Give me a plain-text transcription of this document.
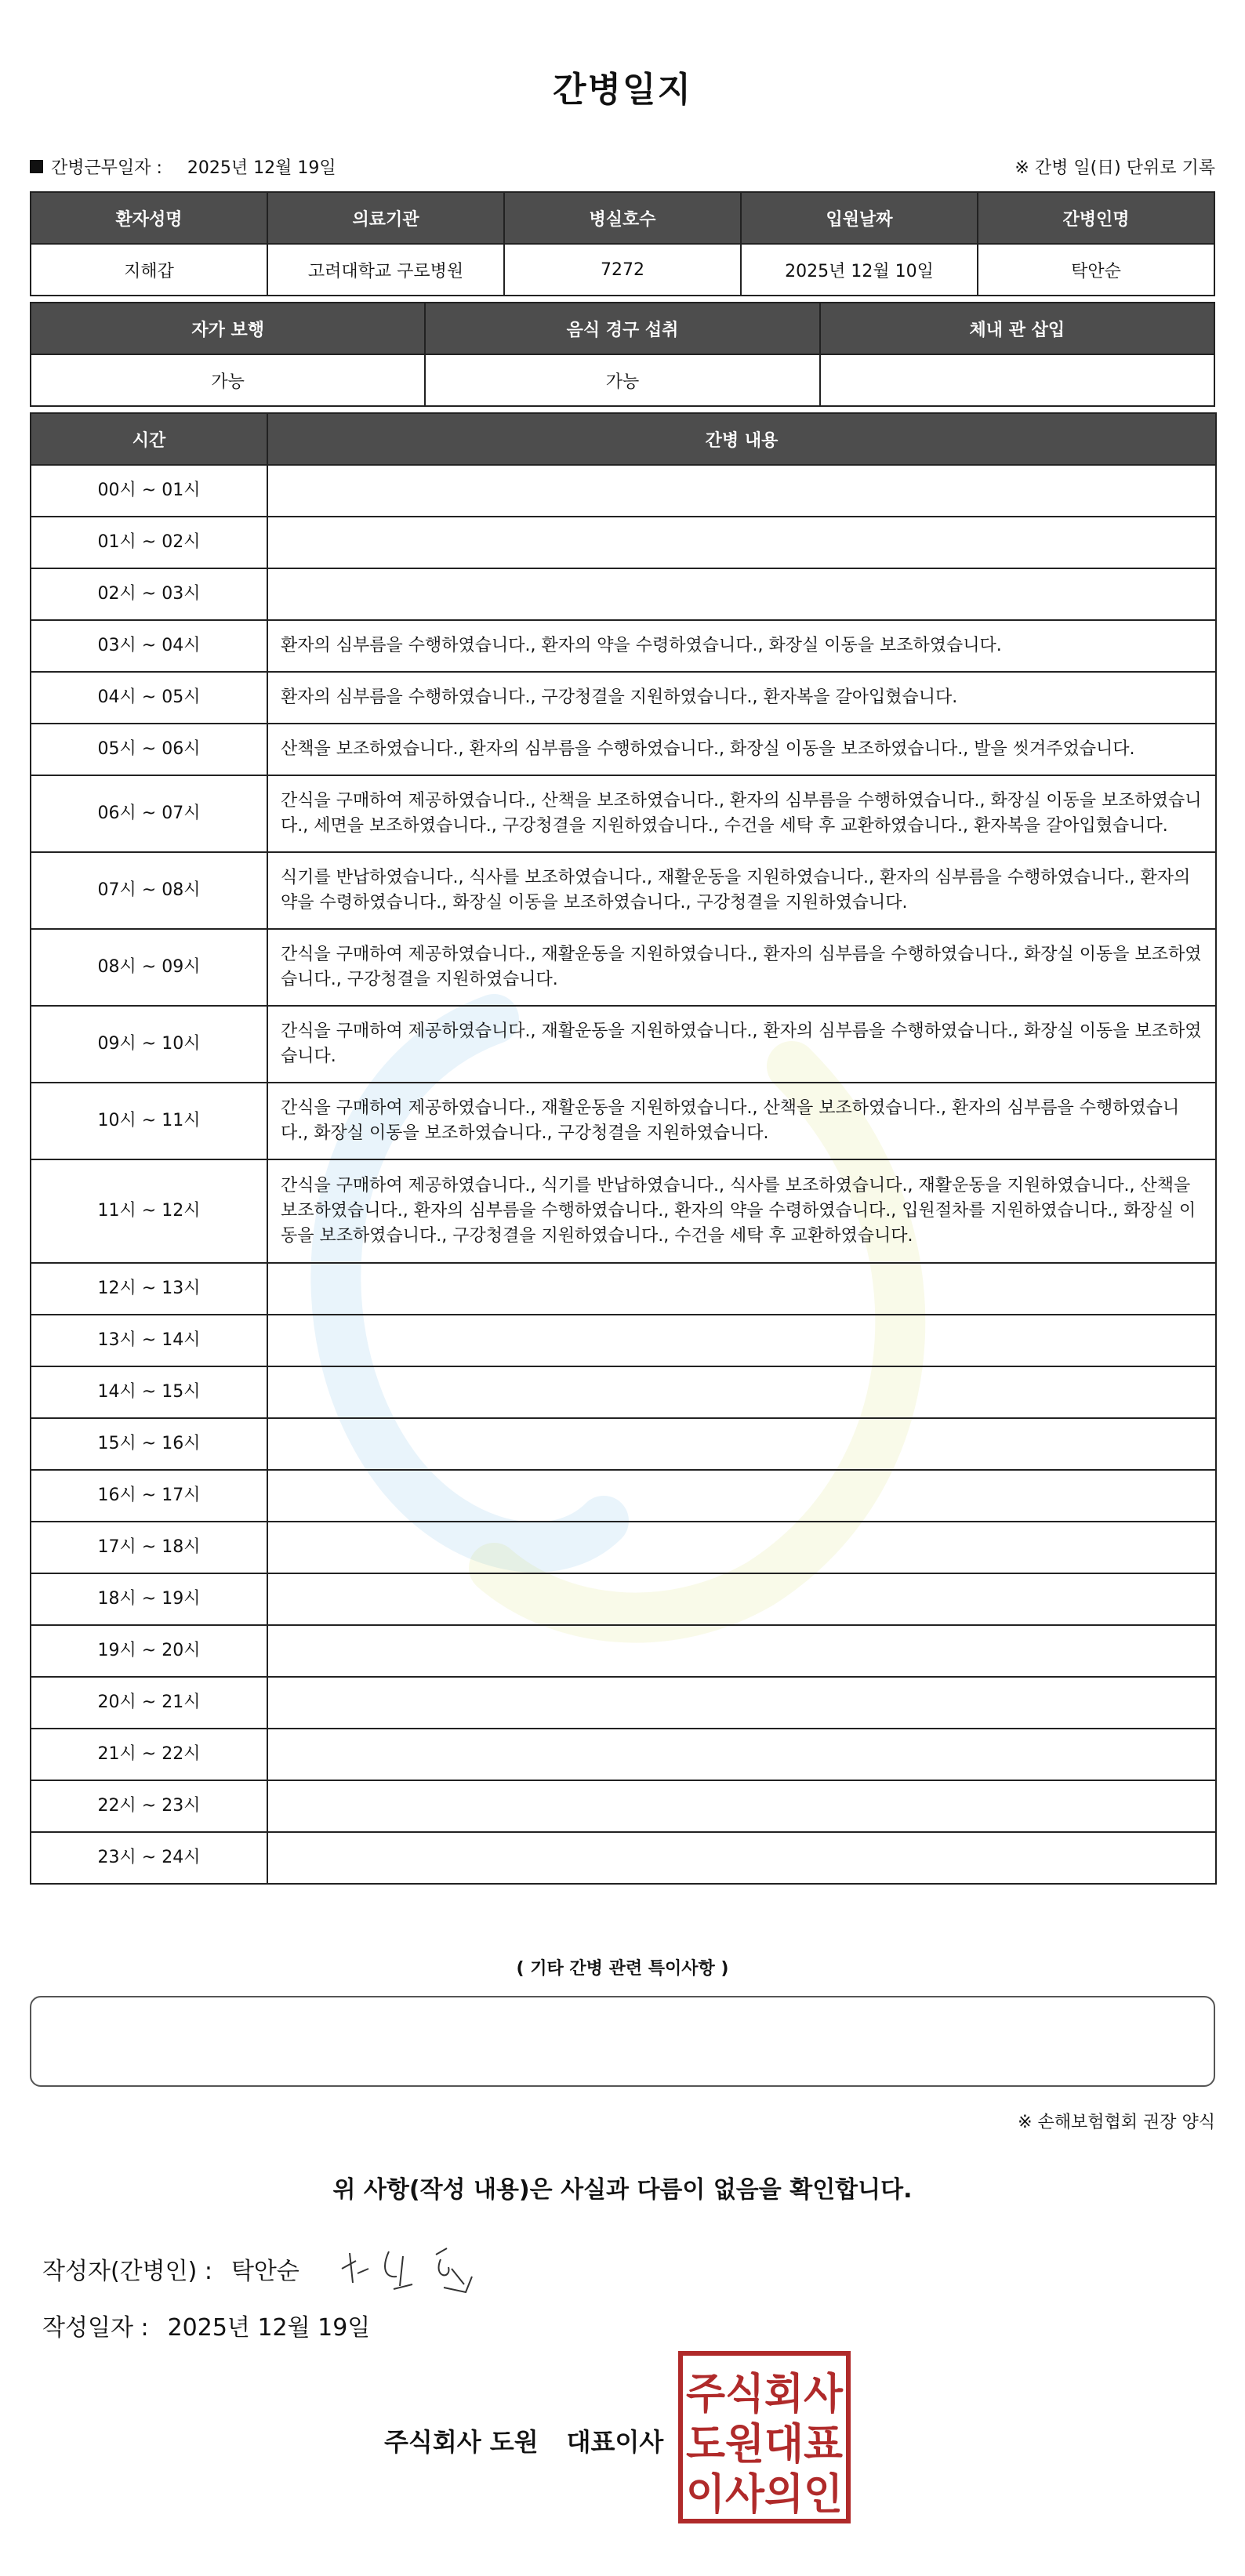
간병일지
간병근무일자 : 2025년 12월 19일	※ 간병 일(日) 단위로 기록
환자성명	의료기관	병실호수	입원날짜	간병인명
지해갑	고려대학교 구로병원	7272	2025년 12월 10일	탁안순
자가 보행	음식 경구 섭취	체내 관 삽입
가능	가능	
시간	간병 내용
00시 ~ 01시	
01시 ~ 02시	
02시 ~ 03시	
03시 ~ 04시	환자의 심부름을 수행하였습니다., 환자의 약을 수령하였습니다., 화장실 이동을 보조하였습니다.
04시 ~ 05시	환자의 심부름을 수행하였습니다., 구강청결을 지원하였습니다., 환자복을 갈아입혔습니다.
05시 ~ 06시	산책을 보조하였습니다., 환자의 심부름을 수행하였습니다., 화장실 이동을 보조하였습니다., 발을 씻겨주었습니다.
06시 ~ 07시	간식을 구매하여 제공하였습니다., 산책을 보조하였습니다., 환자의 심부름을 수행하였습니다., 화장실 이동을 보조하였습니다., 세면을 보조하였습니다., 구강청결을 지원하였습니다., 수건을 세탁 후 교환하였습니다., 환자복을 갈아입혔습니다.
07시 ~ 08시	식기를 반납하였습니다., 식사를 보조하였습니다., 재활운동을 지원하였습니다., 환자의 심부름을 수행하였습니다., 환자의 약을 수령하였습니다., 화장실 이동을 보조하였습니다., 구강청결을 지원하였습니다.
08시 ~ 09시	간식을 구매하여 제공하였습니다., 재활운동을 지원하였습니다., 환자의 심부름을 수행하였습니다., 화장실 이동을 보조하였습니다., 구강청결을 지원하였습니다.
09시 ~ 10시	간식을 구매하여 제공하였습니다., 재활운동을 지원하였습니다., 환자의 심부름을 수행하였습니다., 화장실 이동을 보조하였습니다.
10시 ~ 11시	간식을 구매하여 제공하였습니다., 재활운동을 지원하였습니다., 산책을 보조하였습니다., 환자의 심부름을 수행하였습니다., 화장실 이동을 보조하였습니다., 구강청결을 지원하였습니다.
11시 ~ 12시	간식을 구매하여 제공하였습니다., 식기를 반납하였습니다., 식사를 보조하였습니다., 재활운동을 지원하였습니다., 산책을 보조하였습니다., 환자의 심부름을 수행하였습니다., 환자의 약을 수령하였습니다., 입원절차를 지원하였습니다., 화장실 이동을 보조하였습니다., 구강청결을 지원하였습니다., 수건을 세탁 후 교환하였습니다.
12시 ~ 13시	
13시 ~ 14시	
14시 ~ 15시	
15시 ~ 16시	
16시 ~ 17시	
17시 ~ 18시	
18시 ~ 19시	
19시 ~ 20시	
20시 ~ 21시	
21시 ~ 22시	
22시 ~ 23시	
23시 ~ 24시	
( 기타 간병 관련 특이사항 )
※ 손해보험협회 권장 양식
위 사항(작성 내용)은 사실과 다름이 없음을 확인합니다.
작성자(간병인) : 탁안순
작성일자 : 2025년 12월 19일
주식회사 도원 대표이사
주식회사
도원대표
이사의인
